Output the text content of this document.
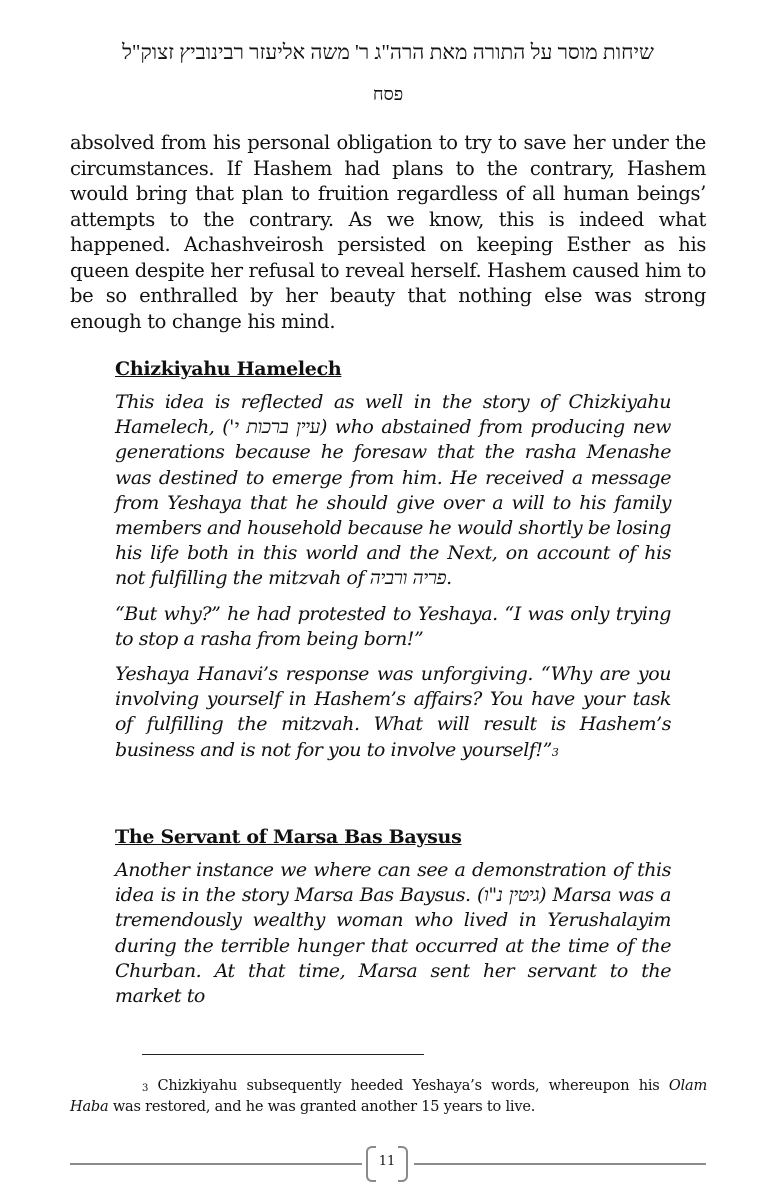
שיחות מוסר על התורה מאת הרה"ג ר' משה אליעזר רבינוביץ זצוק"ל
פסח

absolved from his personal obligation to try to save her under the circumstances. If Hashem had plans to the contrary, Hashem would bring that plan to fruition regardless of all human beings’ attempts to the contrary. As we know, this is indeed what happened. Achashveirosh persisted on keeping Esther as his queen despite her refusal to reveal herself. Hashem caused him to be so enthralled by her beauty that nothing else was strong enough to change his mind.

Chizkiyahu Hamelech

This idea is reflected as well in the story of Chizkiyahu Hamelech, (עיין ברכות י') who abstained from producing new generations because he foresaw that the rasha Menashe was destined to emerge from him. He received a message from Yeshaya that he should give over a will to his family members and household because he would shortly be losing his life both in this world and the Next, on account of his not fulfilling the mitzvah of פריה ורביה.

“But why?” he had protested to Yeshaya. “I was only trying to stop a rasha from being born!”

Yeshaya Hanavi’s response was unforgiving. “Why are you involving yourself in Hashem’s affairs? You have your task of fulfilling the mitzvah. What will result is Hashem’s business and is not for you to involve yourself!”$^3$

The Servant of Marsa Bas Baysus

Another instance we where can see a demonstration of this idea is in the story Marsa Bas Baysus. (גיטין נ"ו) Marsa was a tremendously wealthy woman who lived in Yerushalayim during the terrible hunger that occurred at the time of the Churban. At that time, Marsa sent her servant to the market to

$^3$ Chizkiyahu subsequently heeded Yeshaya’s words, whereupon his Olam Haba was restored, and he was granted another 15 years to live.
11
